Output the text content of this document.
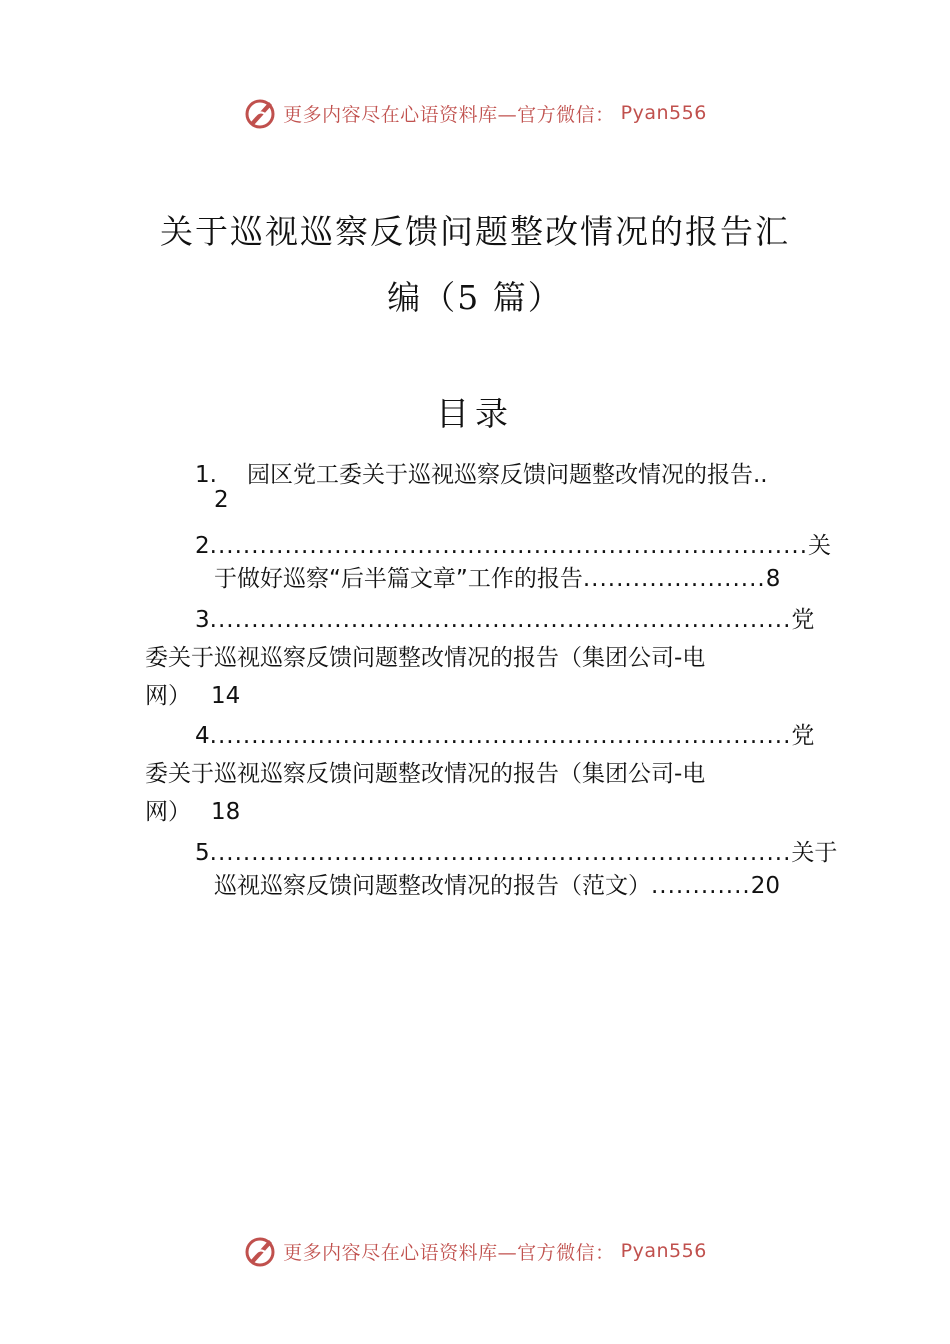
更多内容尽在心语资料库—官方微信： Pyan556
关于巡视巡察反馈问题整改情况的报告汇
编（5 篇）
目录
1. 园区党工委关于巡视巡察反馈问题整改情况的报告..
2
2........................................................................关
于做好巡察“后半篇文章”工作的报告......................8
3......................................................................党
委关于巡视巡察反馈问题整改情况的报告（集团公司-电
网） 14
4......................................................................党
委关于巡视巡察反馈问题整改情况的报告（集团公司-电
网） 18
5......................................................................关于
巡视巡察反馈问题整改情况的报告（范文）............20
更多内容尽在心语资料库—官方微信： Pyan556
